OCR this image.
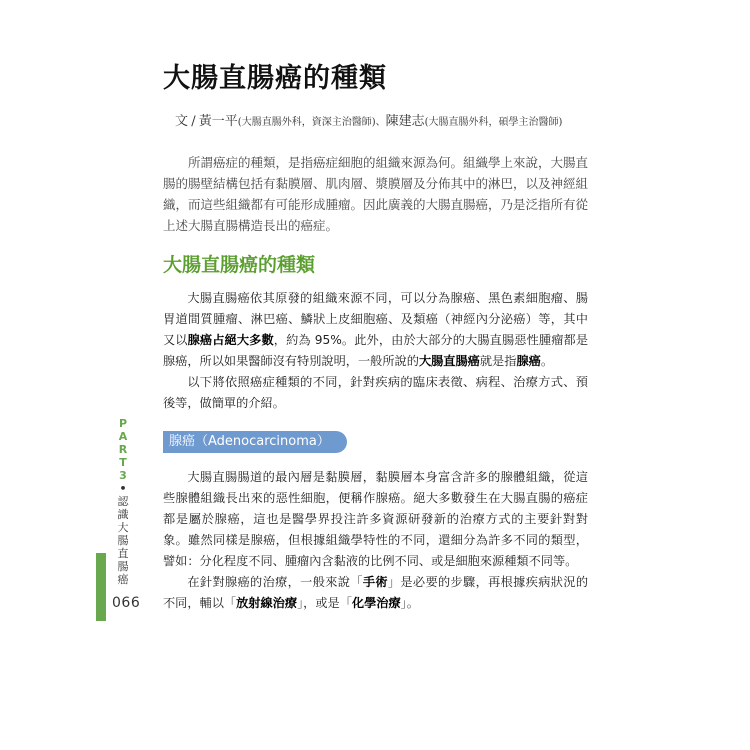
大腸直腸癌的種類
文 / 黃一平(大腸直腸外科，資深主治醫師)、陳建志(大腸直腸外科，碩學主治醫師)

所謂癌症的種類，是指癌症細胞的組織來源為何。組織學上來說，大腸直腸的腸壁結構包括有黏膜層、肌肉層、漿膜層及分佈其中的淋巴，以及神經組織，而這些組織都有可能形成腫瘤。因此廣義的大腸直腸癌，乃是泛指所有從上述大腸直腸構造長出的癌症。

大腸直腸癌的種類

大腸直腸癌依其原發的組織來源不同，可以分為腺癌、黑色素細胞瘤、腸胃道間質腫瘤、淋巴癌、鱗狀上皮細胞癌、及類癌（神經內分泌癌）等，其中又以腺癌占絕大多數，約為 95%。此外，由於大部分的大腸直腸惡性腫瘤都是腺癌，所以如果醫師沒有特別說明，一般所說的大腸直腸癌就是指腺癌。

以下將依照癌症種類的不同，針對疾病的臨床表徵、病程、治療方式、預後等，做簡單的介紹。

腺癌（Adenocarcinoma）

大腸直腸腸道的最內層是黏膜層，黏膜層本身富含許多的腺體組織，從這些腺體組織長出來的惡性細胞，便稱作腺癌。絕大多數發生在大腸直腸的癌症都是屬於腺癌，這也是醫學界投注許多資源研發新的治療方式的主要針對對象。雖然同樣是腺癌，但根據組織學特性的不同，還細分為許多不同的類型，譬如：分化程度不同、腫瘤內含黏液的比例不同、或是細胞來源種類不同等。

在針對腺癌的治療，一般來說「手術」是必要的步驟，再根據疾病狀況的不同，輔以「放射線治療」，或是「化學治療」。

PART3
•
認識大腸直腸癌
066
